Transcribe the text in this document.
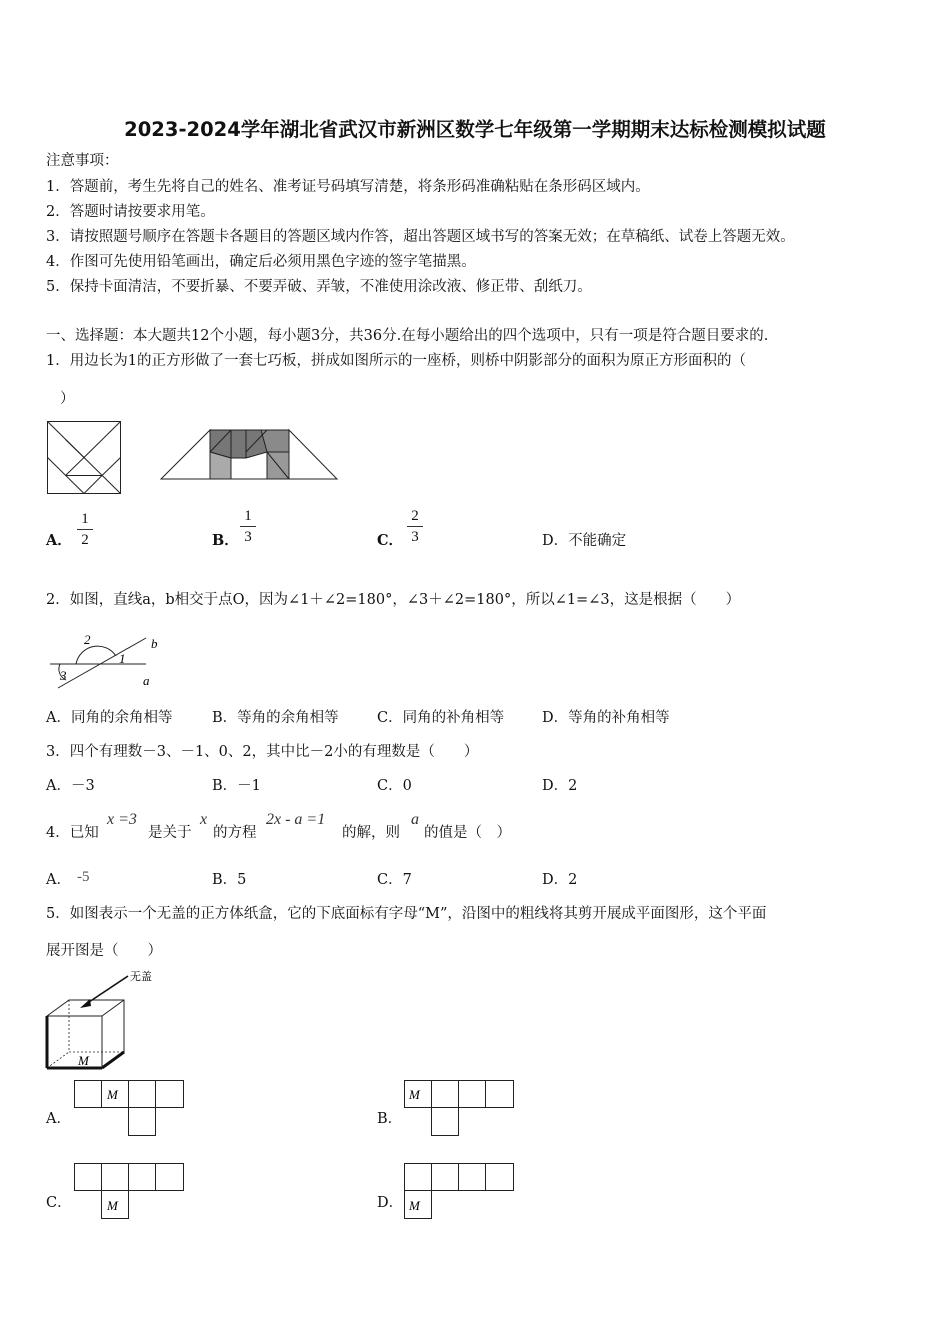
2023-2024学年湖北省武汉市新洲区数学七年级第一学期期末达标检测模拟试题
注意事项：
1．答题前，考生先将自己的姓名、准考证号码填写清楚，将条形码准确粘贴在条形码区域内。
2．答题时请按要求用笔。
3．请按照题号顺序在答题卡各题目的答题区域内作答，超出答题区域书写的答案无效；在草稿纸、试卷上答题无效。
4．作图可先使用铅笔画出，确定后必须用黑色字迹的签字笔描黑。
5．保持卡面清洁，不要折暴、不要弄破、弄皱，不准使用涂改液、修正带、刮纸刀。
一、选择题：本大题共12个小题，每小题3分，共36分.在每小题给出的四个选项中，只有一项是符合题目要求的.
1．用边长为1的正方形做了一套七巧板，拼成如图所示的一座桥，则桥中阴影部分的面积为原正方形面积的（
）
A．
1
2	B．
1
3	C．
2
3	D．不能确定
2．如图，直线a，b相交于点O，因为∠1＋∠2=180°，∠3＋∠2=180°，所以∠1=∠3，这是根据（　　）
2
1
3
b
a
A．同角的余角相等	B．等角的余角相等	C．同角的补角相等	D．等角的补角相等
3．四个有理数－3、－1、0、2，其中比－2小的有理数是（　　）
A．－3	B．－1	C．0	D．2
4．已知
x =3
是关于
x
的方程
2x - a =1
的解，则
a
的值是（　）
A． -5	B．5	C．7	D．2
5．如图表示一个无盖的正方体纸盒，它的下底面标有字母“M”，沿图中的粗线将其剪开展成平面图形，这个平面
展开图是（　　）
无盖
M
A．
M
B．
M
C．	M	D． M
